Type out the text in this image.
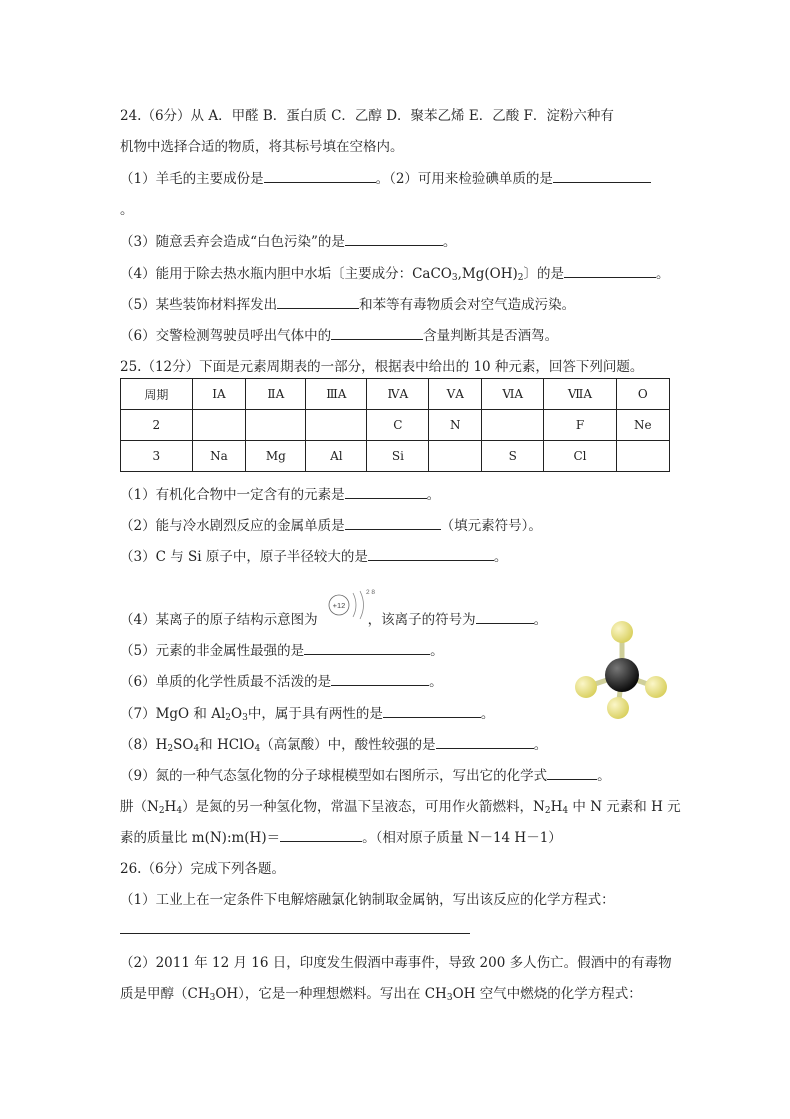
24.（6分）从 A．甲醛 B．蛋白质 C．乙醇 D．聚苯乙烯 E．乙酸 F．淀粉六种有
机物中选择合适的物质，将其标号填在空格内。
（1）羊毛的主要成份是	。（2）可用来检验碘单质的是
。
（3）随意丢弃会造成“白色污染”的是	。
（4）能用于除去热水瓶内胆中水垢〔主要成分：$CaCO_3,Mg(OH)_2$〕的是	。
（5）某些装饰材料挥发出	和苯等有毒物质会对空气造成污染。
（6）交警检测驾驶员呼出气体中的	含量判断其是否酒驾。
25.（12分）下面是元素周期表的一部分，根据表中给出的 10 种元素，回答下列问题。
周期	ⅠA	ⅡA	ⅢA	ⅣA	ⅤA	ⅥA	ⅦA	O
2				C	N		F	Ne
3	Na	Mg	Al	Si		S	Cl	
（1）有机化合物中一定含有的元素是	。
（2）能与冷水剧烈反应的金属单质是	（填元素符号）。
（3）C 与 Si 原子中，原子半径较大的是	。
（4）某离子的原子结构示意图为	，该离子的符号为	。
+12
2 8
（5）元素的非金属性最强的是	。
（6）单质的化学性质最不活泼的是	。
（7）MgO 和 $Al_2O_3$中，属于具有两性的是	。
$(8)H_2SO_4$和 HClO$_4$（高氯酸）中，酸性较强的是	。
（9）氮的一种气态氢化物的分子球棍模型如右图所示，写出它的化学式	。
肼$(N_2H_4)$是氮的另一种氢化物，常温下呈液态，可用作火箭燃料，$N_2H_4$ 中 N 元素和 H 元
素的质量比 m(N):m(H)＝	。（相对原子质量 N－14 H－1）
26.（6分）完成下列各题。
（1）工业上在一定条件下电解熔融氯化钠制取金属钠，写出该反应的化学方程式：
（2）2011 年 12 月 16 日，印度发生假酒中毒事件，导致 200 多人伤亡。假酒中的有毒物
质是甲醇$(CH_3OH)$，它是一种理想燃料。写出在 $CH_3OH$ 空气中燃烧的化学方程式：
